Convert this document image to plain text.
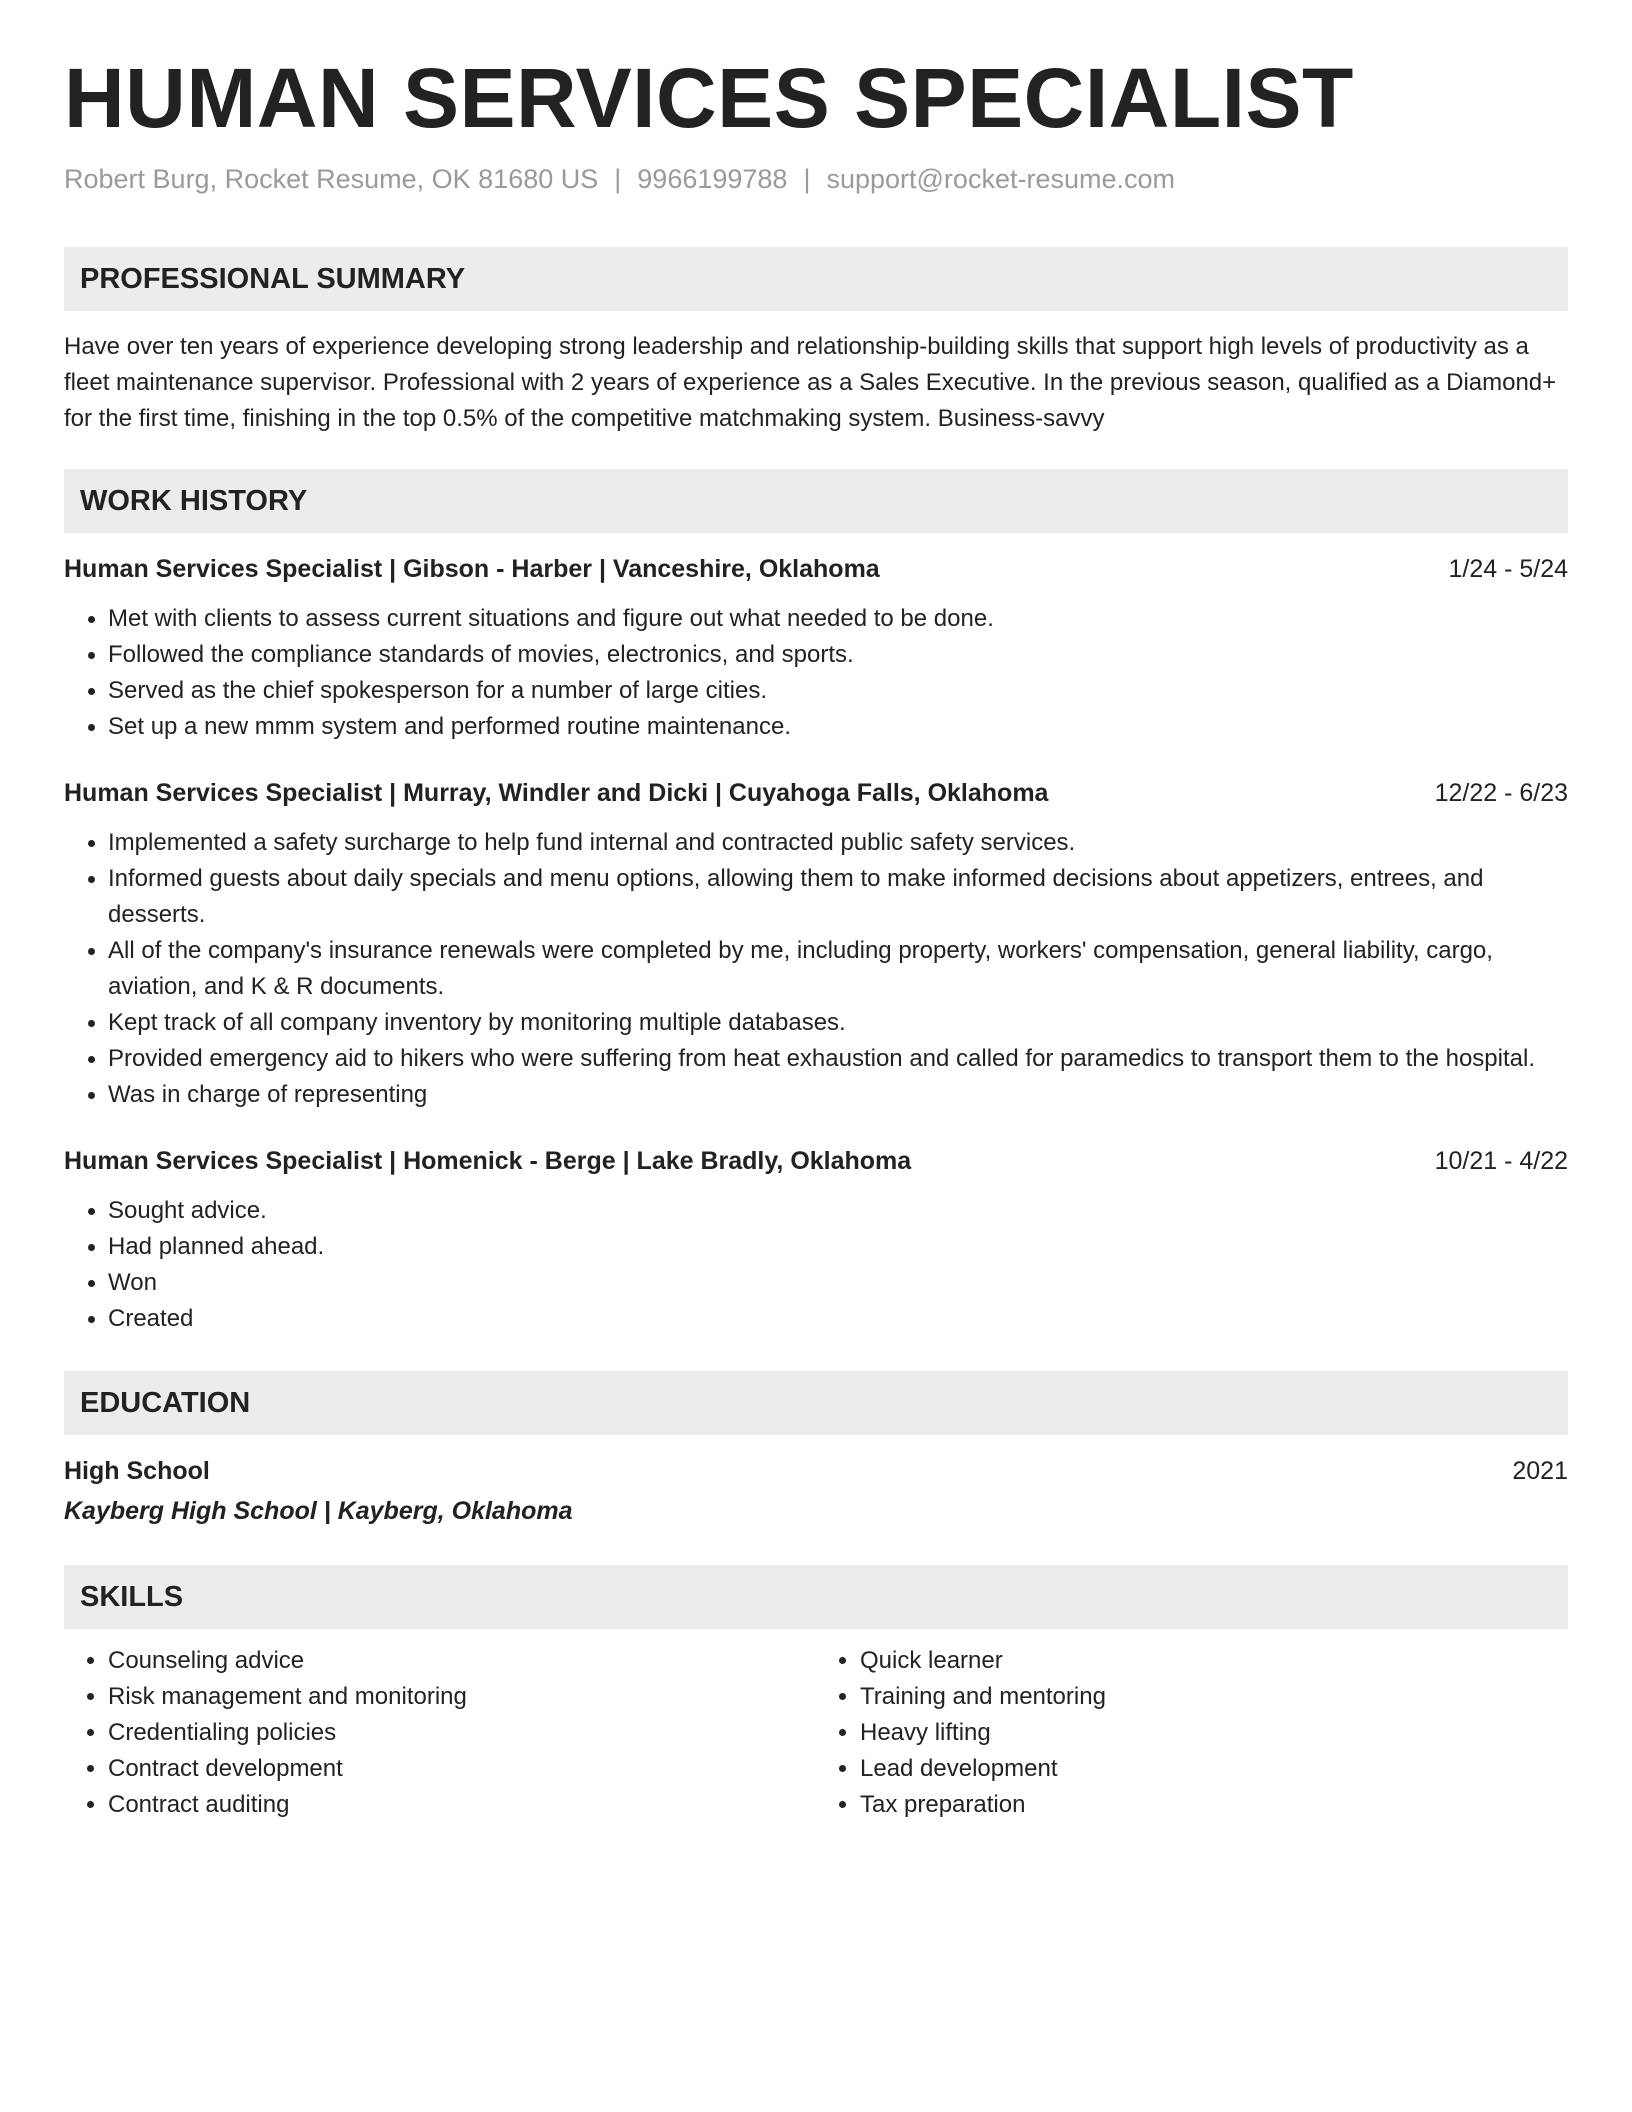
HUMAN SERVICES SPECIALIST
Robert Burg, Rocket Resume, OK 81680 US | 9966199788 | support@rocket-resume.com
PROFESSIONAL SUMMARY
Have over ten years of experience developing strong leadership and relationship-building skills that support high levels of productivity as a fleet maintenance supervisor. Professional with 2 years of experience as a Sales Executive. In the previous season, qualified as a Diamond+ for the first time, finishing in the top 0.5% of the competitive matchmaking system. Business-savvy
WORK HISTORY
Human Services Specialist | Gibson - Harber | Vanceshire, Oklahoma	1/24 - 5/24
• Met with clients to assess current situations and figure out what needed to be done.
• Followed the compliance standards of movies, electronics, and sports.
• Served as the chief spokesperson for a number of large cities.
• Set up a new mmm system and performed routine maintenance.
Human Services Specialist | Murray, Windler and Dicki | Cuyahoga Falls, Oklahoma	12/22 - 6/23
• Implemented a safety surcharge to help fund internal and contracted public safety services.
• Informed guests about daily specials and menu options, allowing them to make informed decisions about appetizers, entrees, and desserts.
• All of the company's insurance renewals were completed by me, including property, workers' compensation, general liability, cargo, aviation, and K & R documents.
• Kept track of all company inventory by monitoring multiple databases.
• Provided emergency aid to hikers who were suffering from heat exhaustion and called for paramedics to transport them to the hospital.
• Was in charge of representing
Human Services Specialist | Homenick - Berge | Lake Bradly, Oklahoma	10/21 - 4/22
• Sought advice.
• Had planned ahead.
• Won
• Created
EDUCATION
High School	2021
Kayberg High School | Kayberg, Oklahoma
SKILLS
• Counseling advice
• Risk management and monitoring
• Credentialing policies
• Contract development
• Contract auditing
• Quick learner
• Training and mentoring
• Heavy lifting
• Lead development
• Tax preparation
